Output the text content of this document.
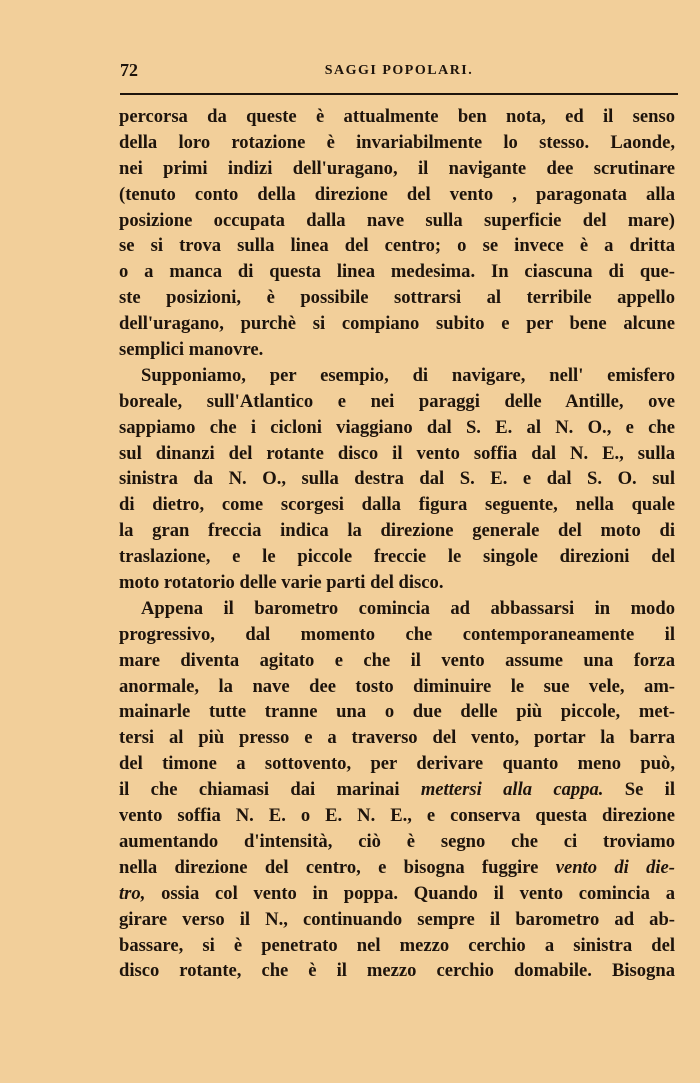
72	SAGGI POPOLARI.
percorsa da queste è attualmente ben nota, ed il senso
della loro rotazione è invariabilmente lo stesso. Laonde,
nei primi indizi dell'uragano, il navigante dee scrutinare
(tenuto conto della direzione del vento , paragonata alla
posizione occupata dalla nave sulla superficie del mare)
se si trova sulla linea del centro; o se invece è a dritta
o a manca di questa linea medesima. In ciascuna di que-
ste posizioni, è possibile sottrarsi al terribile appello
dell'uragano, purchè si compiano subito e per bene alcune
semplici manovre.
Supponiamo, per esempio, di navigare, nell' emisfero
boreale, sull'Atlantico e nei paraggi delle Antille, ove
sappiamo che i cicloni viaggiano dal S. E. al N. O., e che
sul dinanzi del rotante disco il vento soffia dal N. E., sulla
sinistra da N. O., sulla destra dal S. E. e dal S. O. sul
di dietro, come scorgesi dalla figura seguente, nella quale
la gran freccia indica la direzione generale del moto di
traslazione, e le piccole freccie le singole direzioni del
moto rotatorio delle varie parti del disco.
Appena il barometro comincia ad abbassarsi in modo
progressivo, dal momento che contemporaneamente il
mare diventa agitato e che il vento assume una forza
anormale, la nave dee tosto diminuire le sue vele, am-
mainarle tutte tranne una o due delle più piccole, met-
tersi al più presso e a traverso del vento, portar la barra
del timone a sottovento, per derivare quanto meno può,
il che chiamasi dai marinai mettersi alla cappa. Se il
vento soffia N. E. o E. N. E., e conserva questa direzione
aumentando d'intensità, ciò è segno che ci troviamo
nella direzione del centro, e bisogna fuggire vento di die-
tro, ossia col vento in poppa. Quando il vento comincia a
girare verso il N., continuando sempre il barometro ad ab-
bassare, si è penetrato nel mezzo cerchio a sinistra del
disco rotante, che è il mezzo cerchio domabile. Bisogna
